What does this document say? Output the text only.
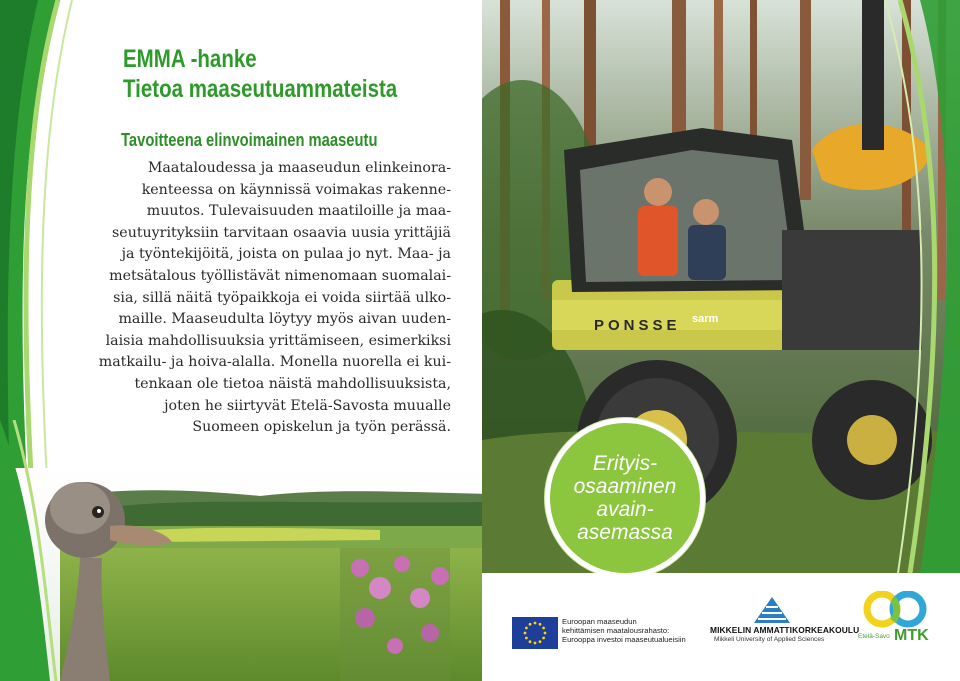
EMMA -hanke
Tietoa maaseutuammateista
Tavoitteena elinvoimainen maaseutu
Maataloudessa ja maaseudun elinkeinora-
kenteessa on käynnissä voimakas rakenne-
muutos. Tulevaisuuden maatiloille ja maa-
seutuyrityksiin tarvitaan osaavia uusia yrittäjiä
ja työntekijöitä, joista on pulaa jo nyt. Maa- ja
metsätalous työllistävät nimenomaan suomalai-
sia, sillä näitä työpaikkoja ei voida siirtää ulko-
maille. Maaseudulta löytyy myös aivan uuden-
laisia mahdollisuuksia yrittämiseen, esimerkiksi
matkailu- ja hoiva-alalla. Monella nuorella ei kui-
tenkaan ole tietoa näistä mahdollisuuksista,
joten he siirtyvät Etelä-Savosta muualle
Suomeen opiskelun ja työn perässä.
PONSSE sarm
Erityis-
osaaminen
avain-
asemassa
Euroopan maaseudun
kehittämisen maatalousrahasto:
Eurooppa investoi maaseutualueisiin
MIKKELIN AMMATTIKORKEAKOULU
Mikkeli University of Applied Sciences	Etelä-Savo MTK
